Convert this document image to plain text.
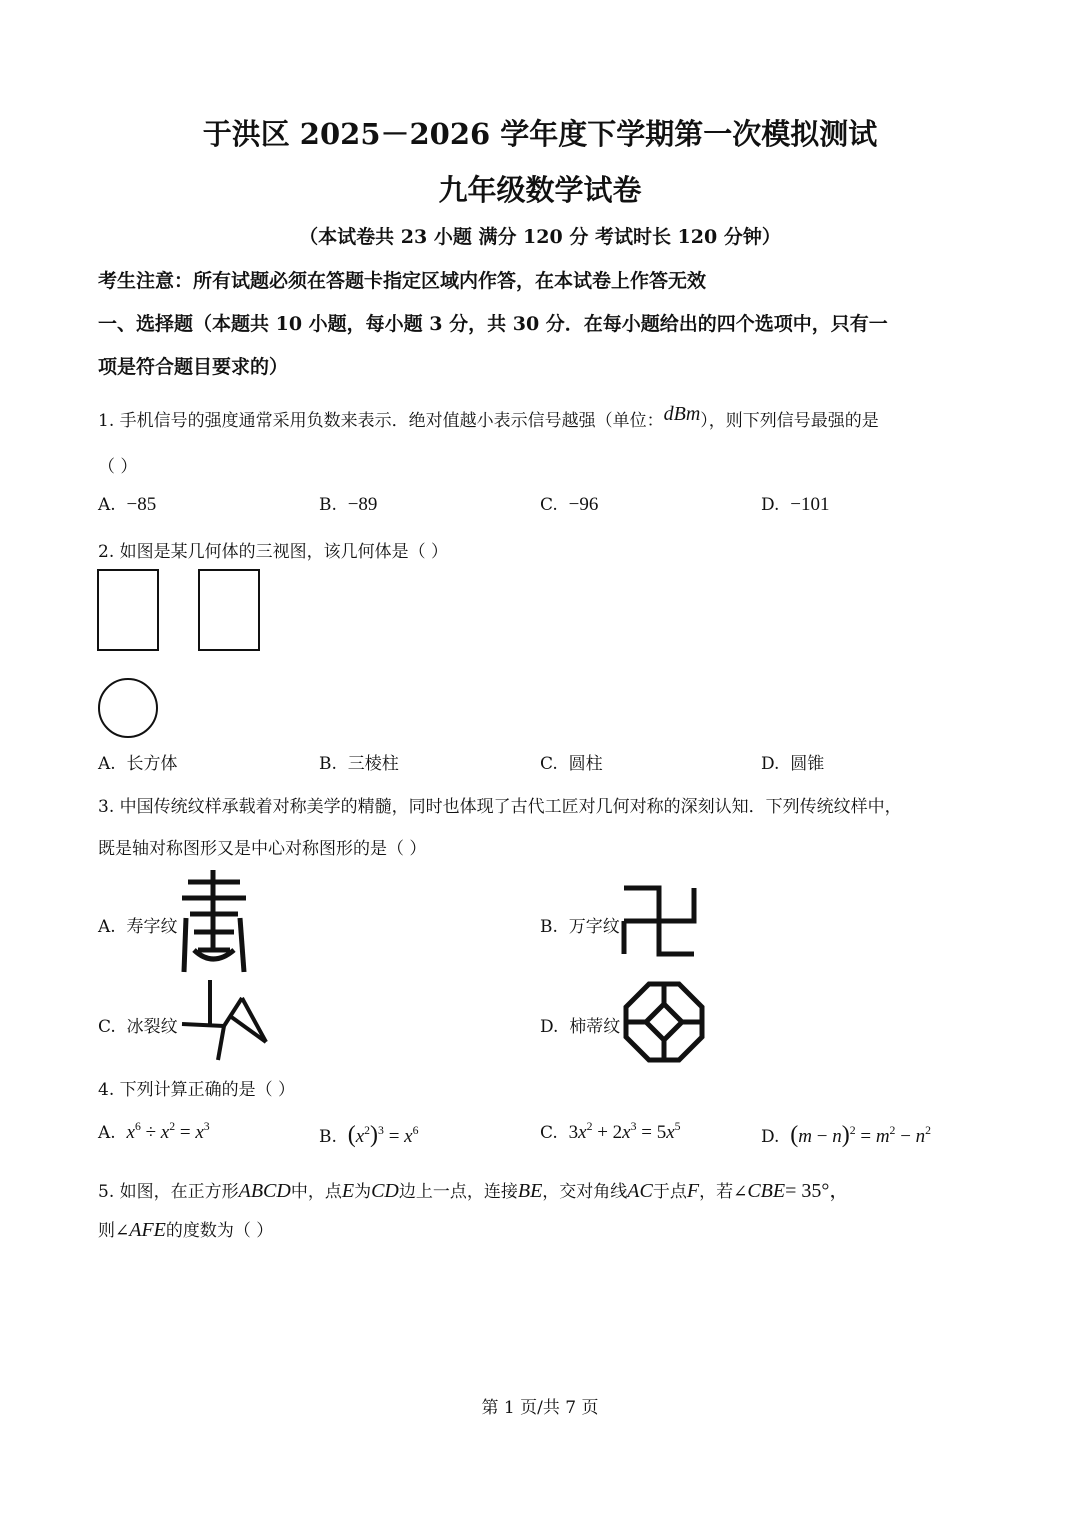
于洪区 2025－2026 学年度下学期第一次模拟测试
九年级数学试卷
（本试卷共 23 小题 满分 120 分 考试时长 120 分钟）
考生注意：所有试题必须在答题卡指定区域内作答，在本试卷上作答无效
一、选择题（本题共 10 小题，每小题 3 分，共 30 分．在每小题给出的四个选项中，只有一
项是符合题目要求的）
1. 手机信号的强度通常采用负数来表示．绝对值越小表示信号越强（单位：dBm），则下列信号最强的是
（ ）
A. −85	B. −89	C. −96	D. −101
2. 如图是某几何体的三视图，该几何体是（ ）
A. 长方体	B. 三棱柱	C. 圆柱	D. 圆锥
3. 中国传统纹样承载着对称美学的精髓，同时也体现了古代工匠对几何对称的深刻认知．下列传统纹样中，
既是轴对称图形又是中心对称图形的是（ ）
A. 寿字纹	B. 万字纹
C. 冰裂纹	D. 柿蒂纹
4. 下列计算正确的是（ ）
A. $x^6 \div x^2 = x^3$
B. $(x^2)^3 = x^6$	C. $3x^2 + 2x^3 = 5x^5$
D. $(m - n)^2 = m^2 - n^2$
5. 如图，在正方形ABCD中，点E为CD边上一点，连接BE，交对角线AC于点F，若∠CBE= 35°，
则∠AFE的度数为（ ）
第 1 页/共 7 页
